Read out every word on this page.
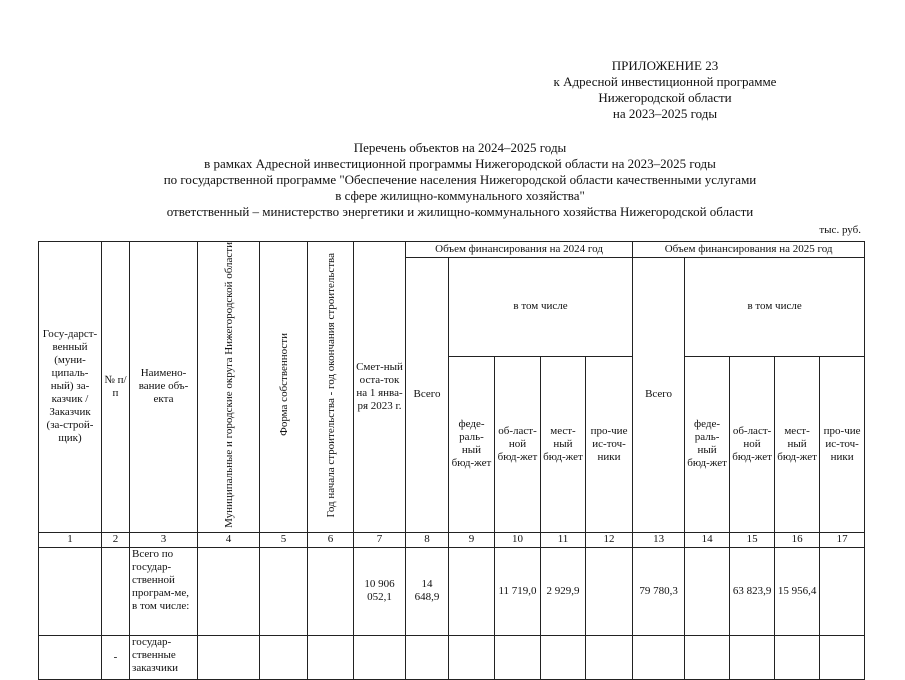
ПРИЛОЖЕНИЕ 23
к Адресной инвестиционной программе
Нижегородской области
на 2023–2025 годы
Перечень объектов на 2024–2025 годы
в рамках Адресной инвестиционной программы Нижегородской области на 2023–2025 годы
по государственной программе "Обеспечение населения Нижегородской области качественными услугами
в сфере жилищно-коммунального хозяйства"
ответственный – министерство энергетики и жилищно-коммунального хозяйства Нижегородской области
тыс. руб.
Госу-дарст-венный (муни-ципаль-ный) за-казчик / Заказчик (за-строй-щик)	№ п/п	Наимено-вание объ-екта	Муниципальные и городские округа Нижегородской области	Форма собственности	Год начала строительства - год окончания строительства	Смет-ный оста-ток на 1 янва-ря 2023 г.	Объем финансирования на 2024 год					Объем финансирования на 2025 год				
							Всего	в том числе				Всего	в том числе			
								феде-раль-ный бюд-жет	об-ласт-ной бюд-жет	мест-ный бюд-жет	про-чие ис-точ-ники		феде-раль-ный бюд-жет	об-ласт-ной бюд-жет	мест-ный бюд-жет	про-чие ис-точ-ники
1	2	3	4	5	6	7	8	9	10	11	12	13	14	15	16	17
		Всего по государ-ственной програм-ме, в том числе:				10 906 052,1	14 648,9		11 719,0	2 929,9		79 780,3		63 823,9	15 956,4	
	-	государ-ственные заказчики														
